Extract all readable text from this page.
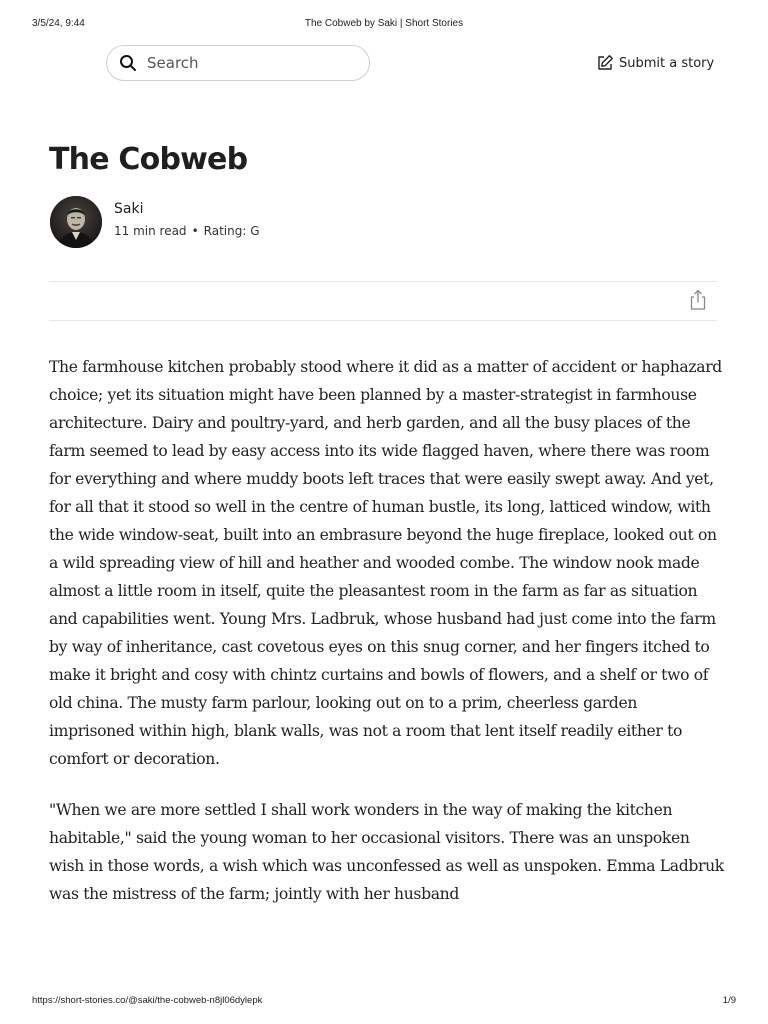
3/5/24, 9:44	The Cobweb by Saki | Short Stories
Search
Submit a story
The Cobweb
Saki
11 min read • Rating: G

The farmhouse kitchen probably stood where it did as a matter of accident or haphazard choice; yet its situation might have been planned by a master-strategist in farmhouse architecture. Dairy and poultry-yard, and herb garden, and all the busy places of the farm seemed to lead by easy access into its wide flagged haven, where there was room for everything and where muddy boots left traces that were easily swept away. And yet, for all that it stood so well in the centre of human bustle, its long, latticed window, with the wide window-seat, built into an embrasure beyond the huge fireplace, looked out on a wild spreading view of hill and heather and wooded combe. The window nook made almost a little room in itself, quite the pleasantest room in the farm as far as situation and capabilities went. Young Mrs. Ladbruk, whose husband had just come into the farm by way of inheritance, cast covetous eyes on this snug corner, and her fingers itched to make it bright and cosy with chintz curtains and bowls of flowers, and a shelf or two of old china. The musty farm parlour, looking out on to a prim, cheerless garden imprisoned within high, blank walls, was not a room that lent itself readily either to comfort or decoration.

"When we are more settled I shall work wonders in the way of making the kitchen habitable," said the young woman to her occasional visitors. There was an unspoken wish in those words, a wish which was unconfessed as well as unspoken. Emma Ladbruk was the mistress of the farm; jointly with her husband

https://short-stories.co/@saki/the-cobweb-n8jl06dylepk	1/9
